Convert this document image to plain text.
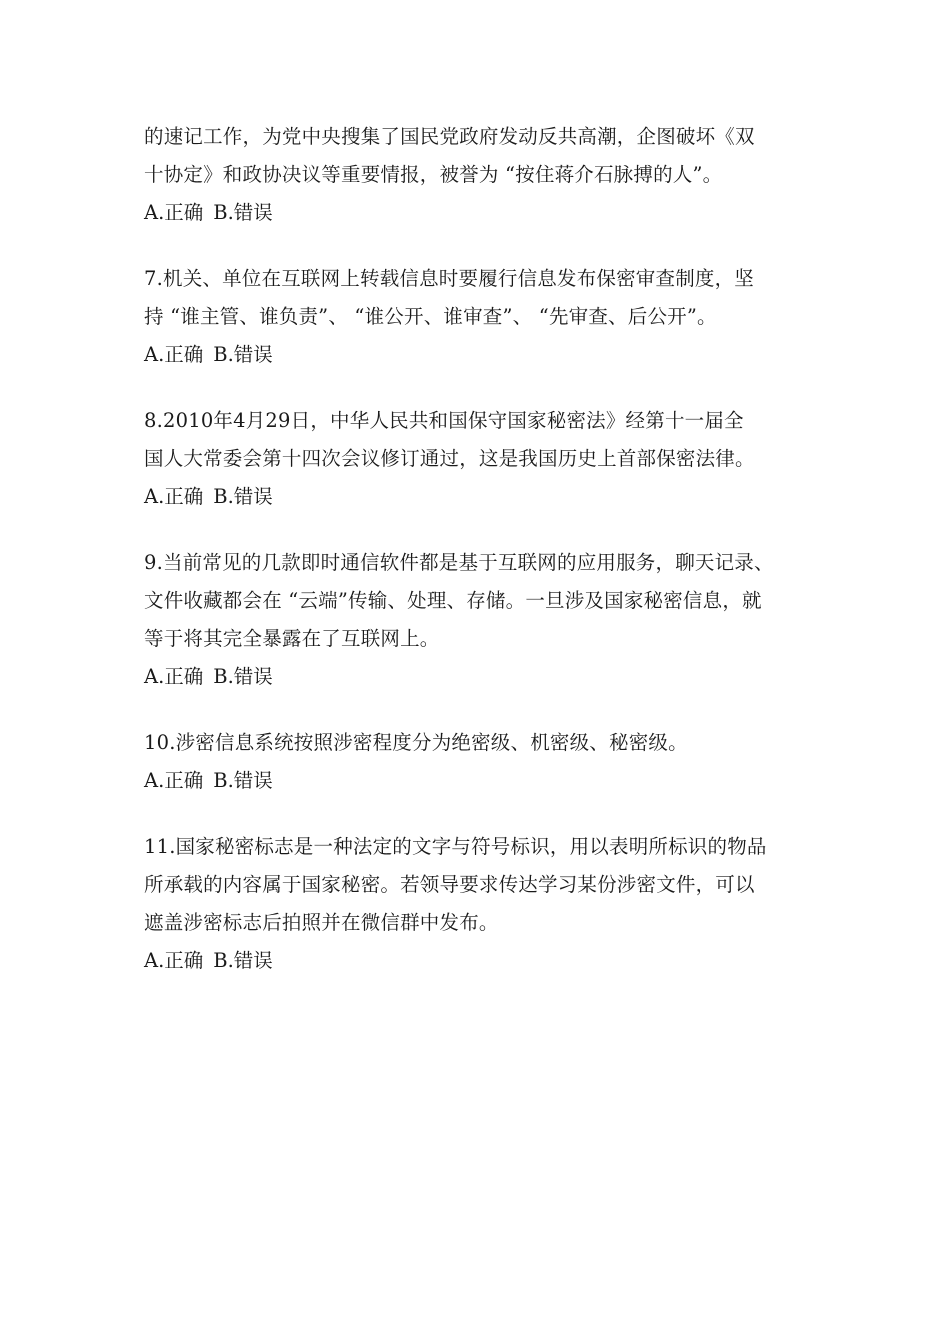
的速记工作，为党中央搜集了国民党政府发动反共高潮，企图破坏《双
十协定》和政协决议等重要情报，被誉为 “按住蒋介石脉搏的人”。
A.正确 B.错误
7.机关、单位在互联网上转载信息时要履行信息发布保密审查制度，坚
持 “谁主管、谁负责”、 “谁公开、谁审查”、 “先审查、后公开”。
A.正确 B.错误
8.2010年4月29日，中华人民共和国保守国家秘密法》经第十一届全
国人大常委会第十四次会议修订通过，这是我国历史上首部保密法律。
A.正确 B.错误
9.当前常见的几款即时通信软件都是基于互联网的应用服务，聊天记录、
文件收藏都会在 “云端”传输、处理、存储。一旦涉及国家秘密信息，就
等于将其完全暴露在了互联网上。
A.正确 B.错误
10.涉密信息系统按照涉密程度分为绝密级、机密级、秘密级。
A.正确 B.错误
11.国家秘密标志是一种法定的文字与符号标识，用以表明所标识的物品
所承载的内容属于国家秘密。若领导要求传达学习某份涉密文件，可以
遮盖涉密标志后拍照并在微信群中发布。
A.正确 B.错误
